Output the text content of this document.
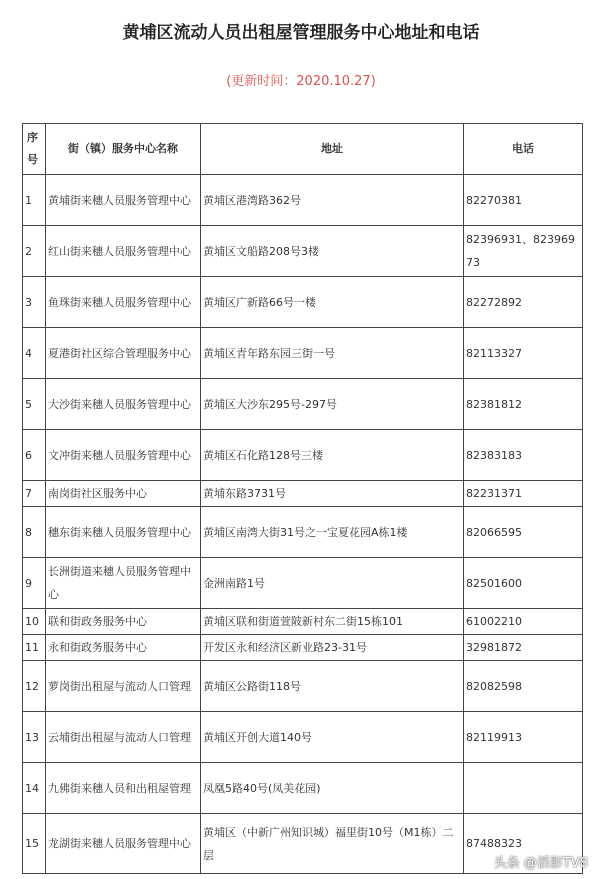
黄埔区流动人员出租屋管理服务中心地址和电话
(更新时间：2020.10.27)
序号	街（镇）服务中心名称	地址	电话
1	黄埔街来穗人员服务管理中心	黄埔区港湾路362号	82270381
2	红山街来穗人员服务管理中心	黄埔区文船路208号3楼	82396931、82396973
3	鱼珠街来穗人员服务管理中心	黄埔区广新路66号一楼	82272892
4	夏港街社区综合管理服务中心	黄埔区青年路东园三街一号	82113327
5	大沙街来穗人员服务管理中心	黄埔区大沙东295号-297号	82381812
6	文冲街来穗人员服务管理中心	黄埔区石化路128号三楼	82383183
7	南岗街社区服务中心	黄埔东路3731号	82231371
8	穗东街来穗人员服务管理中心	黄埔区南湾大街31号之一宝夏花园A栋1楼	82066595
9	长洲街道来穗人员服务管理中心	金洲南路1号	82501600
10	联和街政务服务中心	黄埔区联和街道萱陂新村东二街15栋101	61002210
11	永和街政务服务中心	开发区永和经济区新业路23-31号	32981872
12	萝岗街出租屋与流动人口管理	黄埔区公路街118号	82082598
13	云埔街出租屋与流动人口管理	黄埔区开创大道140号	82119913
14	九佛街来穗人员和出租屋管理	凤凰5路40号(凤美花园)	
15	龙湖街来穗人员服务管理中心	黄埔区（中新广州知识城）福里街10号（M1栋）二层	87488323
头条 @滔影TV8
